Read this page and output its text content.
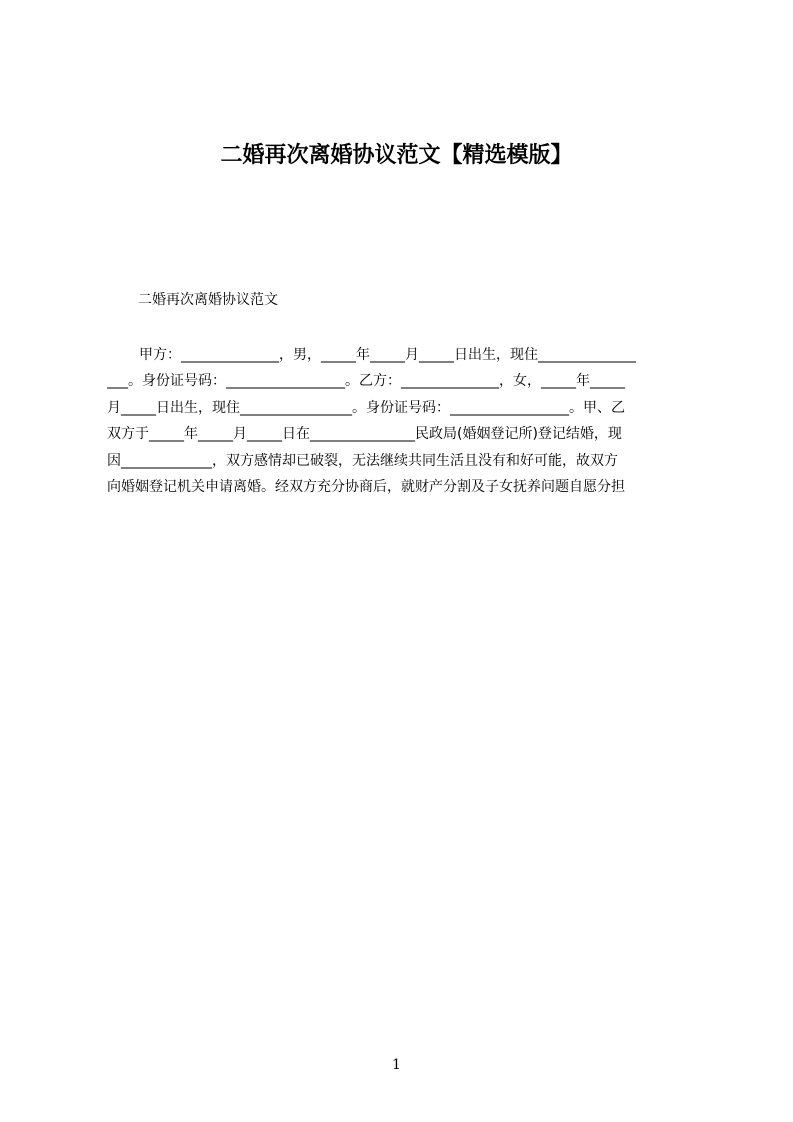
二婚再次离婚协议范文【精选模版】
二婚再次离婚协议范文
甲方：______________，男，_____年_____月_____日出生，现住______________
___。身份证号码：_________________。乙方：______________，女，_____年_____
月_____日出生，现住________________。身份证号码：_________________。甲、乙
双方于_____年_____月_____日在_______________民政局(婚姻登记所)登记结婚，现
因_____________，双方感情却已破裂，无法继续共同生活且没有和好可能，故双方
向婚姻登记机关申请离婚。经双方充分协商后，就财产分割及子女抚养问题自愿分担
1
